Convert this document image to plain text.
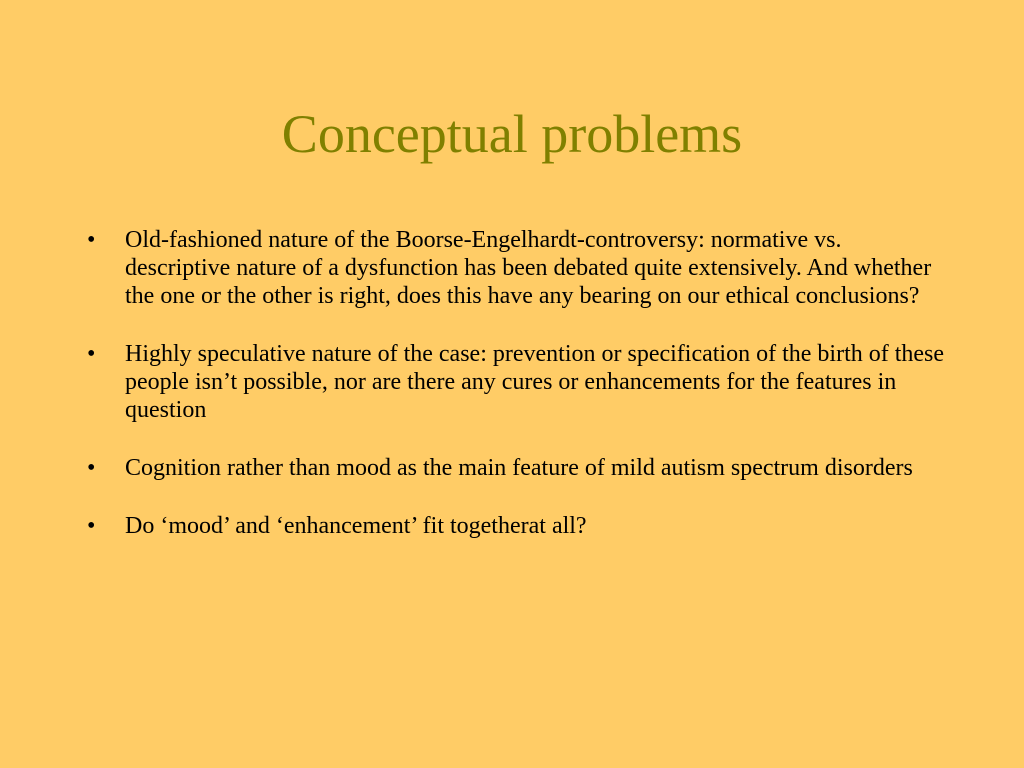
Conceptual problems
•	Old-fashioned nature of the Boorse-Engelhardt-controversy: normative vs. descriptive nature of a dysfunction has been debated quite extensively. And whether the one or the other is right, does this have any bearing on our ethical conclusions?
•	Highly speculative nature of the case: prevention or specification of the birth of these people isn’t possible, nor are there any cures or enhancements for the features in question
•	Cognition rather than mood as the main feature of mild autism spectrum disorders
•	Do ‘mood’ and ‘enhancement’ fit togetherat all?
